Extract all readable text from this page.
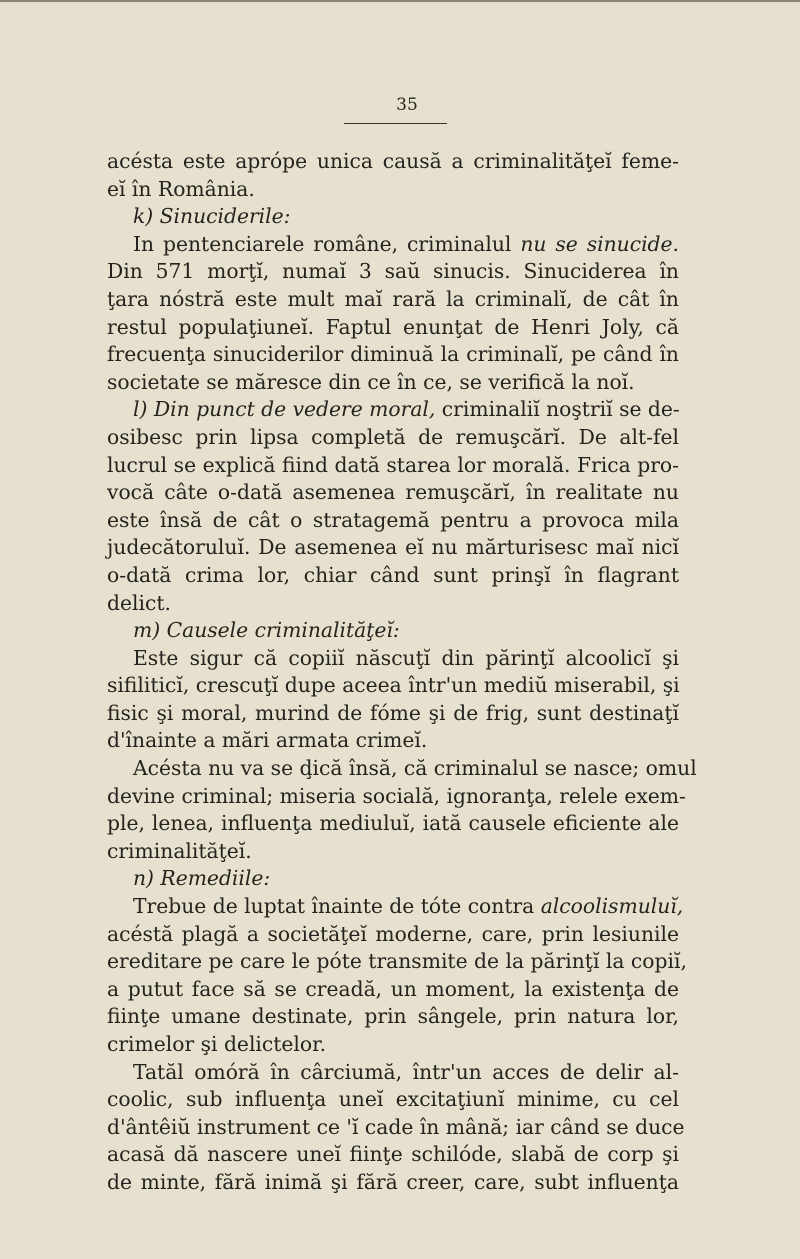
35
acésta este aprópe unica causă a criminalităţeĭ feme-
eĭ în România.
k) Sinuciderile:
In pentenciarele române, criminalul nu se sinucide.
Din 571 morţĭ, numaĭ 3 saŭ sinucis. Sinuciderea în
ţara nóstră este mult maĭ rară la criminalĭ, de cât în
restul populaţiuneĭ. Faptul enunţat de Henri Joly, că
frecuenţa sinuciderilor diminuă la criminalĭ, pe când în
societate se măresce din ce în ce, se verifică la noĭ.
l) Din punct de vedere moral, criminaliĭ noştriĭ se de-
osibesc prin lipsa completă de remuşcărĭ. De alt-fel
lucrul se explică fiind dată starea lor morală. Frica pro-
vocă câte o-dată asemenea remuşcărĭ, în realitate nu
este însă de cât o stratagemă pentru a provoca mila
judecătoruluĭ. De asemenea eĭ nu mărturisesc maĭ nicĭ
o-dată crima lor, chiar când sunt prinşĭ în flagrant
delict.
m) Causele criminalităţeĭ:
Este sigur că copiiĭ născuţĭ din părinţĭ alcoolicĭ şi
sifiliticĭ, crescuţĭ dupe aceea într'un mediŭ miserabil, şi
fisic şi moral, murind de fóme şi de frig, sunt destinaţĭ
d'înainte a mări armata crimeĭ.
Acésta nu va se ḑică însă, că criminalul se nasce; omul
devine criminal; miseria socială, ignoranţa, relele exem-
ple, lenea, influenţa mediuluĭ, iată causele eficiente ale
criminalităţeĭ.
n) Remediile:
Trebue de luptat înainte de tóte contra alcoolismuluĭ,
acéstă plagă a societăţeĭ moderne, care, prin lesiunile
ereditare pe care le póte transmite de la părinţĭ la copiĭ,
a putut face să se creadă, un moment, la existenţa de
fiinţe umane destinate, prin sângele, prin natura lor,
crimelor şi delictelor.
Tatăl omóră în cârciumă, într'un acces de delir al-
coolic, sub influenţa uneĭ excitaţiunĭ minime, cu cel
d'ântêiŭ instrument ce 'ĭ cade în mână; iar când se duce
acasă dă nascere uneĭ fiinţe schilóde, slabă de corp şi
de minte, fără inimă şi fără creer, care, subt influenţa
